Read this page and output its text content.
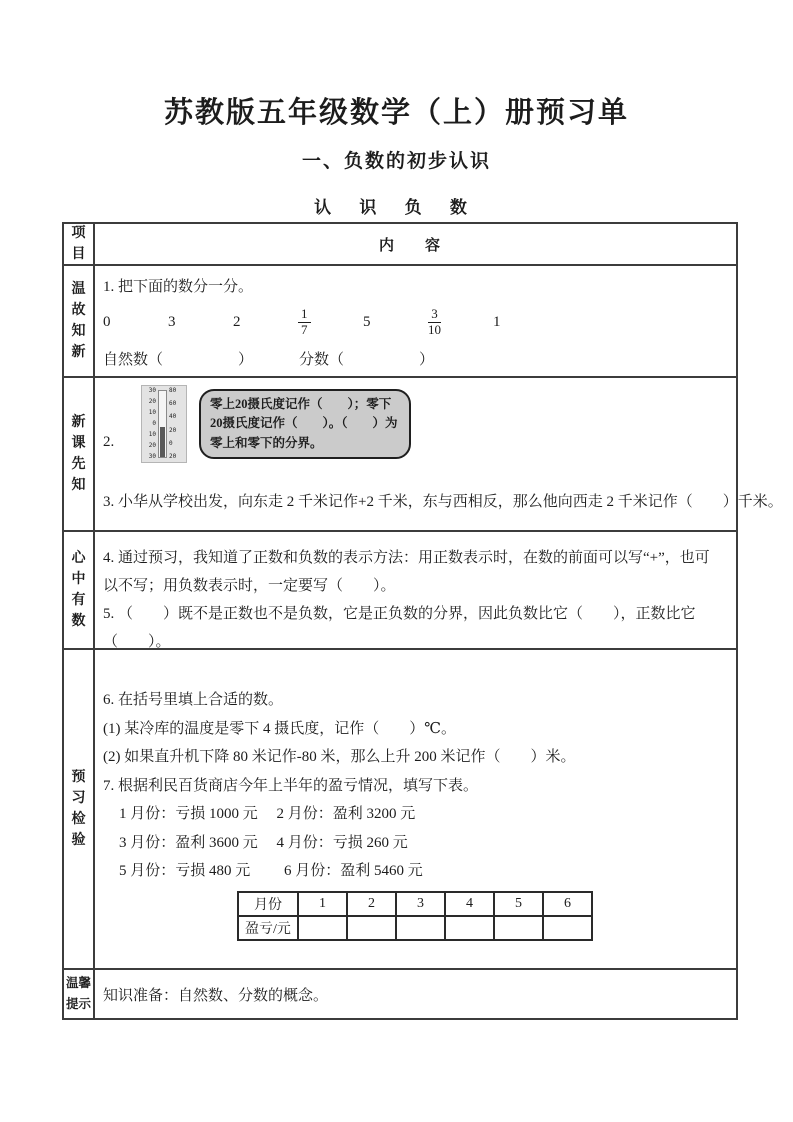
苏教版五年级数学（上）册预习单
一、负数的初步认识
认 识 负 数
项目
内　容
温故知新

1. 把下面的数分一分。

0	3	2	$\frac{1}{7}$	5	$\frac{3}{10}$	1
自然数（　　　　　）	分数（　　　　　）
新课先知
2.
30
20
10
0
10
20
30
80
60
40
20
0
20
零上20摄氏度记作（　　）；零下20摄氏度记作（　　）。（　　）为零上和零下的分界。

3. 小华从学校出发，向东走 2 千米记作+2 千米，东与西相反，那么他向西走 2 千米记作（　　）千米。

心中有数

4. 通过预习，我知道了正数和负数的表示方法：用正数表示时，在数的前面可以写“+”，也可以不写；用负数表示时，一定要写（　　）。

5. （　　）既不是正数也不是负数，它是正负数的分界，因此负数比它（　　），正数比它（　　）。

预习检验

6. 在括号里填上合适的数。

(1) 某冷库的温度是零下 4 摄氏度，记作（　　）℃。

(2) 如果直升机下降 80 米记作-80 米，那么上升 200 米记作（　　）米。

7. 根据利民百货商店今年上半年的盈亏情况，填写下表。

1 月份：亏损 1000 元　 2 月份：盈利 3200 元

3 月份：盈利 3600 元　 4 月份：亏损 260 元

5 月份：亏损 480 元　　 6 月份：盈利 5460 元

月份	1	2	3	4	5	6
盈亏/元						
温馨提示
知识准备：自然数、分数的概念。
